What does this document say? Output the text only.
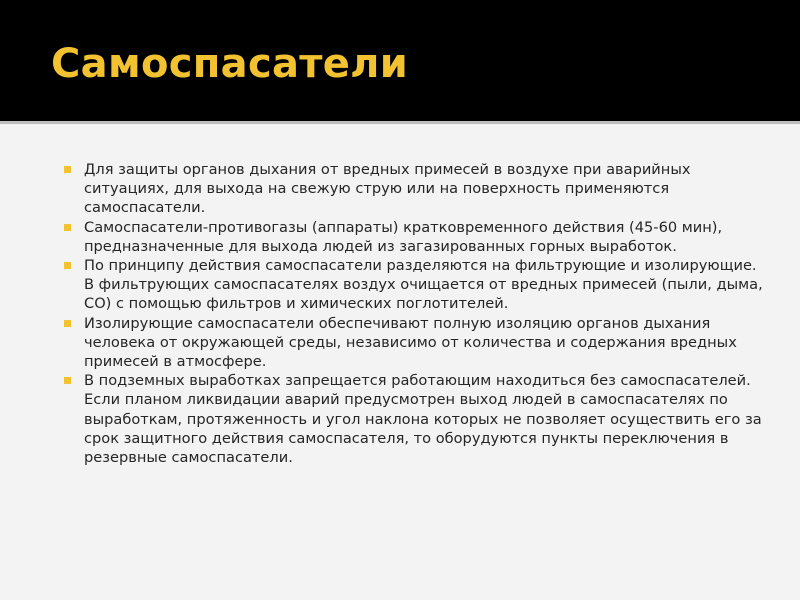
Самоспасатели
Для защиты органов дыхания от вредных примесей в воздухе при аварийных ситуациях, для выхода на свежую струю или на поверхность применяются самоспасатели.
Самоспасатели-противогазы (аппараты) кратковременного действия (45-60 мин), предназначенные для выхода людей из загазированных горных выработок.
По принципу действия самоспасатели разделяются на фильтрующие и изолирующие. В фильтрующих самоспасателях воздух очищается от вредных примесей (пыли, дыма, СО) с помощью фильтров и химических поглотителей.
Изолирующие самоспасатели обеспечивают полную изоляцию органов дыхания человека от окружающей среды, независимо от количества и содержания вредных примесей в атмосфере.
В подземных выработках запрещается работающим находиться без самоспасателей. Если планом ликвидации аварий предусмотрен выход людей в самоспасателях по выработкам, протяженность и угол наклона которых не позволяет осуществить его за срок защитного действия самоспасателя, то оборудуются пункты переключения в резервные самоспасатели.
